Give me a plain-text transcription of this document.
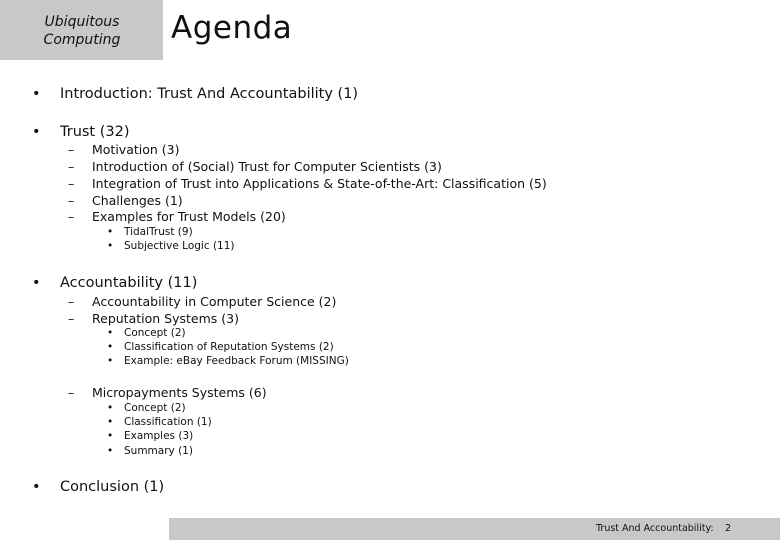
Ubiquitous
Computing	Agenda
• Introduction: Trust And Accountability (1)
• Trust (32)
– Motivation (3)
– Introduction of (Social) Trust for Computer Scientists (3)
– Integration of Trust into Applications & State-of-the-Art: Classification (5)
– Challenges (1)
– Examples for Trust Models (20)
• TidalTrust (9)
• Subjective Logic (11)
• Accountability (11)
– Accountability in Computer Science (2)
– Reputation Systems (3)
• Concept (2)
• Classification of Reputation Systems (2)
• Example: eBay Feedback Forum (MISSING)
– Micropayments Systems (6)
• Concept (2)
• Classification (1)
• Examples (3)
• Summary (1)
• Conclusion (1)
Trust And Accountability: 2
